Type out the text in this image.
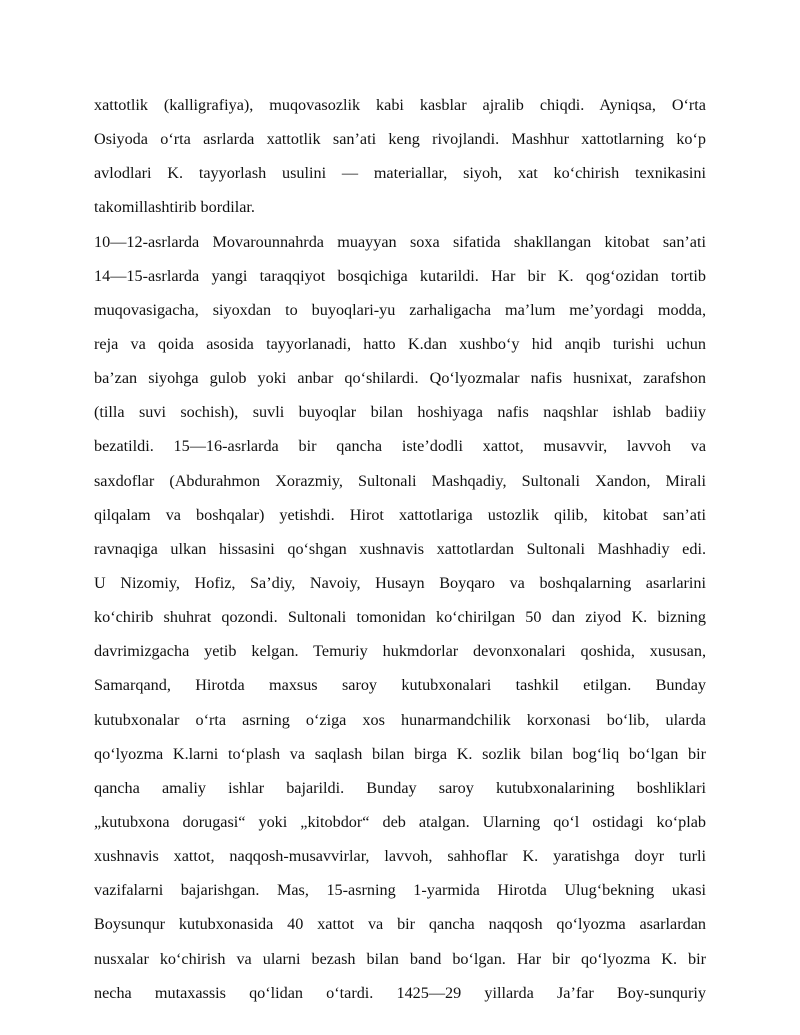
xattotlik (kalligrafiya), muqovasozlik kabi kasblar ajralib chiqdi. Ayniqsa, O‘rta
Osiyoda o‘rta asrlarda xattotlik san’ati keng rivojlandi. Mashhur xattotlarning ko‘p
avlodlari K. tayyorlash usulini — materiallar, siyoh, xat ko‘chirish texnikasini
takomillashtirib bordilar.
10—12-asrlarda Movarounnahrda muayyan soxa sifatida shakllangan kitobat san’ati
14—15-asrlarda yangi taraqqiyot bosqichiga kutarildi. Har bir K. qog‘ozidan tortib
muqovasigacha, siyoxdan to buyoqlari-yu zarhaligacha ma’lum me’yordagi modda,
reja va qoida asosida tayyorlanadi, hatto K.dan xushbo‘y hid anqib turishi uchun
ba’zan siyohga gulob yoki anbar qo‘shilardi. Qo‘lyozmalar nafis husnixat, zarafshon
(tilla suvi sochish), suvli buyoqlar bilan hoshiyaga nafis naqshlar ishlab badiiy
bezatildi. 15—16-asrlarda bir qancha iste’dodli xattot, musavvir, lavvoh va
saxdoflar (Abdurahmon Xorazmiy, Sultonali Mashqadiy, Sultonali Xandon, Mirali
qilqalam va boshqalar) yetishdi. Hirot xattotlariga ustozlik qilib, kitobat san’ati
ravnaqiga ulkan hissasini qo‘shgan xushnavis xattotlardan Sultonali Mashhadiy edi.
U Nizomiy, Hofiz, Sa’diy, Navoiy, Husayn Boyqaro va boshqalarning asarlarini
ko‘chirib shuhrat qozondi. Sultonali tomonidan ko‘chirilgan 50 dan ziyod K. bizning
davrimizgacha yetib kelgan. Temuriy hukmdorlar devonxonalari qoshida, xususan,
Samarqand, Hirotda maxsus saroy kutubxonalari tashkil etilgan. Bunday
kutubxonalar o‘rta asrning o‘ziga xos hunarmandchilik korxonasi bo‘lib, ularda
qo‘lyozma K.larni to‘plash va saqlash bilan birga K. sozlik bilan bog‘liq bo‘lgan bir
qancha amaliy ishlar bajarildi. Bunday saroy kutubxonalarining boshliklari
„kutubxona dorugasi“ yoki „kitobdor“ deb atalgan. Ularning qo‘l ostidagi ko‘plab
xushnavis xattot, naqqosh-musavvirlar, lavvoh, sahhoflar K. yaratishga doyr turli
vazifalarni bajarishgan. Mas, 15-asrning 1-yarmida Hirotda Ulug‘bekning ukasi
Boysunqur kutubxonasida 40 xattot va bir qancha naqqosh qo‘lyozma asarlardan
nusxalar ko‘chirish va ularni bezash bilan band bo‘lgan. Har bir qo‘lyozma K. bir
necha mutaxassis qo‘lidan o‘tardi. 1425—29 yillarda Ja’far Boy-sunquriy
